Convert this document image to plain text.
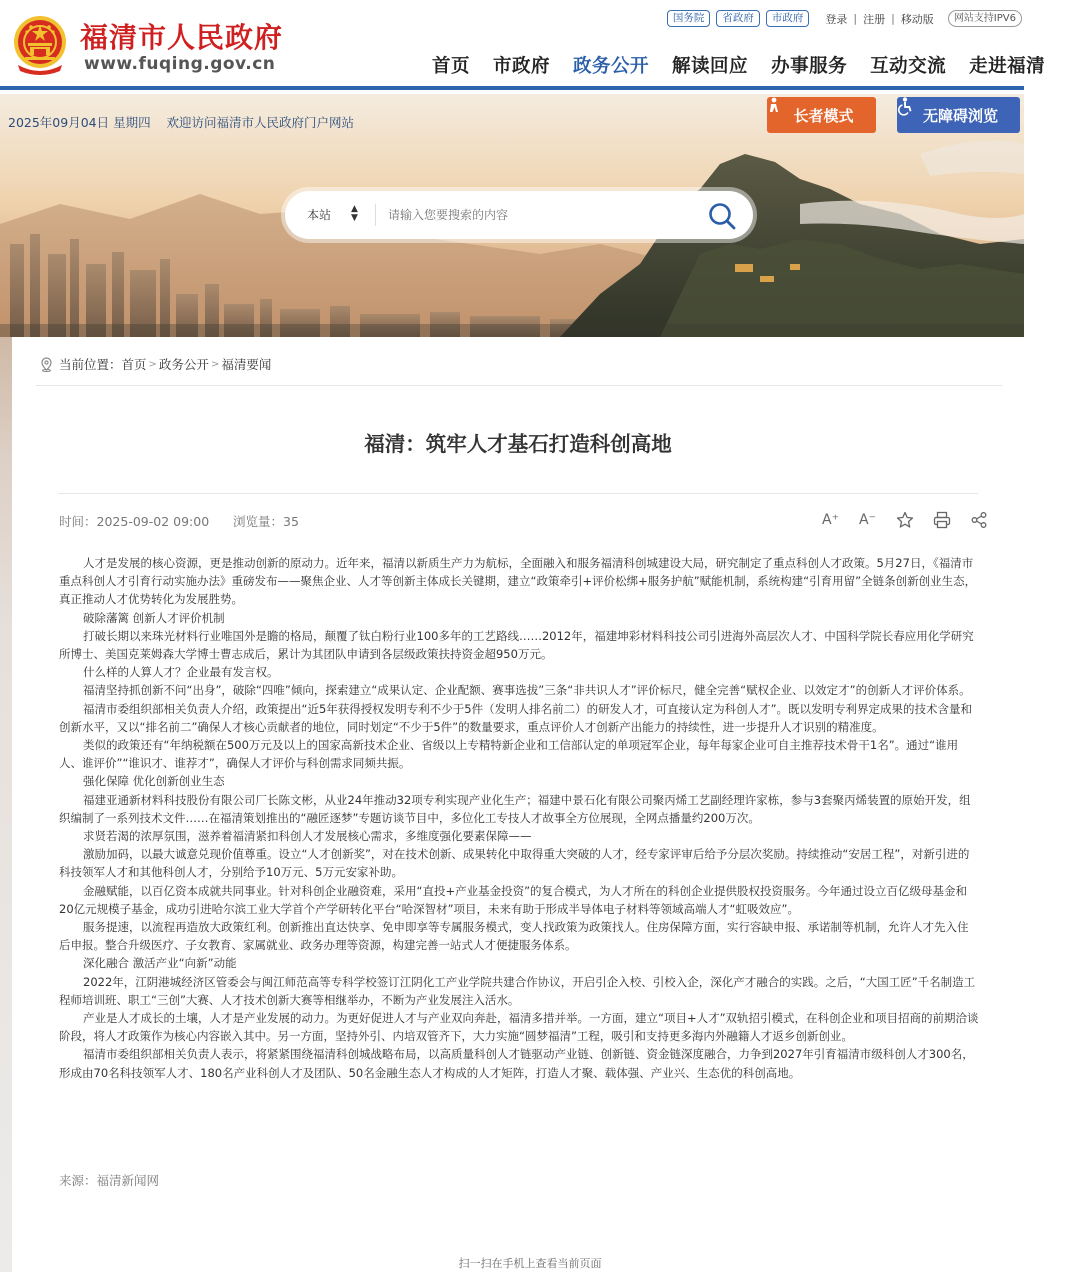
福清市人民政府
www.fuqing.gov.cn
国务院	省政府	市政府	登录 | 注册 | 移动版	网站支持IPV6
首页 市政府 政务公开 解读回应 办事服务 互动交流 走进福清
2025年09月04日 星期四 欢迎访问福清市人民政府门户网站	长者模式	无障碍浏览
本站 ▲
▼
请输入您要搜索的内容
当前位置： 首页 > 政务公开 > 福清要闻
福清：筑牢人才基石打造科创高地
时间：2025-09-02 09:00 浏览量：35	A⁺	A⁻

人才是发展的核心资源，更是推动创新的原动力。近年来，福清以新质生产力为航标，全面融入和服务福清科创城建设大局，研究制定了重点科创人才政策。5月27日，《福清市重点科创人才引育行动实施办法》重磅发布——聚焦企业、人才等创新主体成长关键期，建立“政策牵引+评价松绑+服务护航”赋能机制，系统构建“引育用留”全链条创新创业生态，真正推动人才优势转化为发展胜势。

破除藩篱 创新人才评价机制

打破长期以来珠光材料行业唯国外是瞻的格局，颠覆了钛白粉行业100多年的工艺路线……2012年，福建坤彩材料科技公司引进海外高层次人才、中国科学院长春应用化学研究所博士、美国克莱姆森大学博士曹志成后，累计为其团队申请到各层级政策扶持资金超950万元。

什么样的人算人才？企业最有发言权。

福清坚持抓创新不问“出身”，破除“四唯”倾向，探索建立“成果认定、企业配额、赛事选拔”三条“非共识人才”评价标尺，健全完善“赋权企业、以效定才”的创新人才评价体系。

福清市委组织部相关负责人介绍，政策提出“近5年获得授权发明专利不少于5件（发明人排名前二）的研发人才，可直接认定为科创人才”。既以发明专利界定成果的技术含量和创新水平，又以“排名前二”确保人才核心贡献者的地位，同时划定“不少于5件”的数量要求，重点评价人才创新产出能力的持续性，进一步提升人才识别的精准度。

类似的政策还有“年纳税额在500万元及以上的国家高新技术企业、省级以上专精特新企业和工信部认定的单项冠军企业，每年每家企业可自主推荐技术骨干1名”。通过“谁用人、谁评价”“谁识才、谁荐才”，确保人才评价与科创需求同频共振。

强化保障 优化创新创业生态

福建亚通新材料科技股份有限公司厂长陈文彬，从业24年推动32项专利实现产业化生产；福建中景石化有限公司聚丙烯工艺副经理许家栋，参与3套聚丙烯装置的原始开发，组织编制了一系列技术文件……在福清策划推出的“融匠逐梦”专题访谈节目中，多位化工专技人才故事全方位展现，全网点播量约200万次。

求贤若渴的浓厚氛围，滋养着福清紧扣科创人才发展核心需求，多维度强化要素保障——

激励加码，以最大诚意兑现价值尊重。设立“人才创新奖”，对在技术创新、成果转化中取得重大突破的人才，经专家评审后给予分层次奖励。持续推动“安居工程”，对新引进的科技领军人才和其他科创人才，分别给予10万元、5万元安家补助。

金融赋能，以百亿资本成就共同事业。针对科创企业融资难，采用“直投+产业基金投资”的复合模式，为人才所在的科创企业提供股权投资服务。今年通过设立百亿级母基金和20亿元规模子基金，成功引进哈尔滨工业大学首个产学研转化平台“哈深智材”项目，未来有助于形成半导体电子材料等领域高端人才“虹吸效应”。

服务提速，以流程再造放大政策红利。创新推出直达快享、免申即享等专属服务模式，变人找政策为政策找人。住房保障方面，实行容缺申报、承诺制等机制，允许人才先入住后申报。整合升级医疗、子女教育、家属就业、政务办理等资源，构建完善一站式人才便捷服务体系。

深化融合 激活产业“向新”动能

2022年，江阴港城经济区管委会与闽江师范高等专科学校签订江阴化工产业学院共建合作协议，开启引企入校、引校入企，深化产才融合的实践。之后，“大国工匠”千名制造工程师培训班、职工“三创”大赛、人才技术创新大赛等相继举办，不断为产业发展注入活水。

产业是人才成长的土壤，人才是产业发展的动力。为更好促进人才与产业双向奔赴，福清多措并举。一方面，建立“项目+人才”双轨招引模式，在科创企业和项目招商的前期洽谈阶段，将人才政策作为核心内容嵌入其中。另一方面，坚持外引、内培双管齐下，大力实施“圆梦福清”工程，吸引和支持更多海内外融籍人才返乡创新创业。

福清市委组织部相关负责人表示，将紧紧围绕福清科创城战略布局，以高质量科创人才链驱动产业链、创新链、资金链深度融合，力争到2027年引育福清市级科创人才300名，形成由70名科技领军人才、180名产业科创人才及团队、50名金融生态人才构成的人才矩阵，打造人才聚、载体强、产业兴、生态优的科创高地。

来源：福清新闻网
扫一扫在手机上查看当前页面
